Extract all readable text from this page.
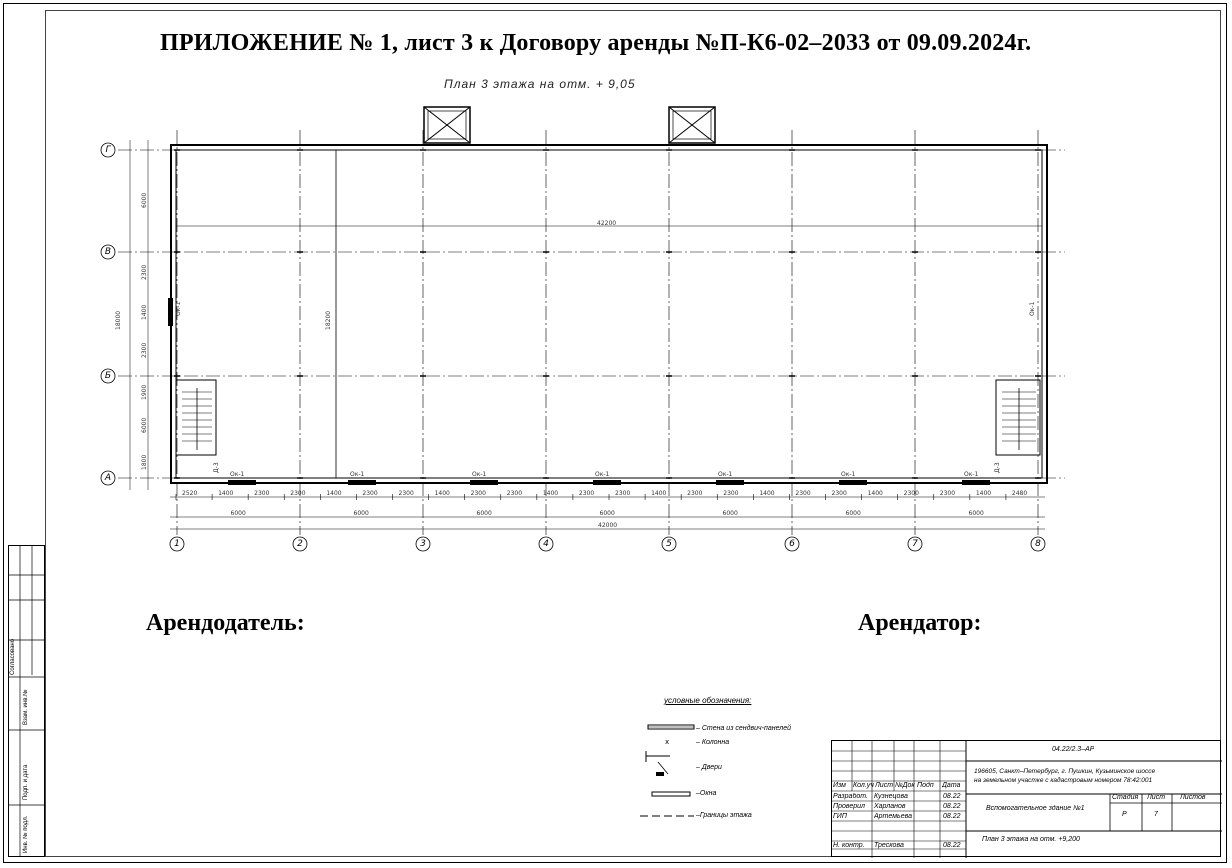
ПРИЛОЖЕНИЕ № 1, лист 3 к Договору аренды №П-К6-02–2033 от 09.09.2024г.
План 3 этажа на отм. + 9,05
1	2	3	4	5	6	7	8
Г
В
Б
А	Ок-1	Ок-1	Ок-1	Ок-1	Ок-1	Ок-1	Ок-1
2520	1400	2300	2300	1400	2300	2300	1400	2300	2300	1400	2300	2300	1400	2300	2300	1400	2300	2300	1400	2300	2300	1400	2480
6000	6000	6000	6000	6000	6000	6000
42000
6000
2300
1400
2300
1900
6000
1800
Ок-1	Ок-1
Д-3	Д-3
42200
18000	18200
Арендодатель:	Арендатор:
Согласовано
Взам. инв.№
Подп. и дата
Инв. № подл.
условные обозначения:
x
– Стена из сендвич-панелей
– Колонна
– Двери
–Окна
–Границы этажа
04.22/2.3–АР
196605, Санкт–Петербург, г. Пушкин, Кузьминское шоссе
на земельном участке с кадастровым номером 78:42:001
Вспомогательное здание №1
План 3 этажа на отм. +9,200
Стадия Лист Листов
Р	7
Изм Кол.уч Лист №Док Подп Дата
Разработ. Кузнецова	08.22
Проверил Харланов	08.22
ГИП	Артемьева	08.22
Н. контр. Трескова	08.22
